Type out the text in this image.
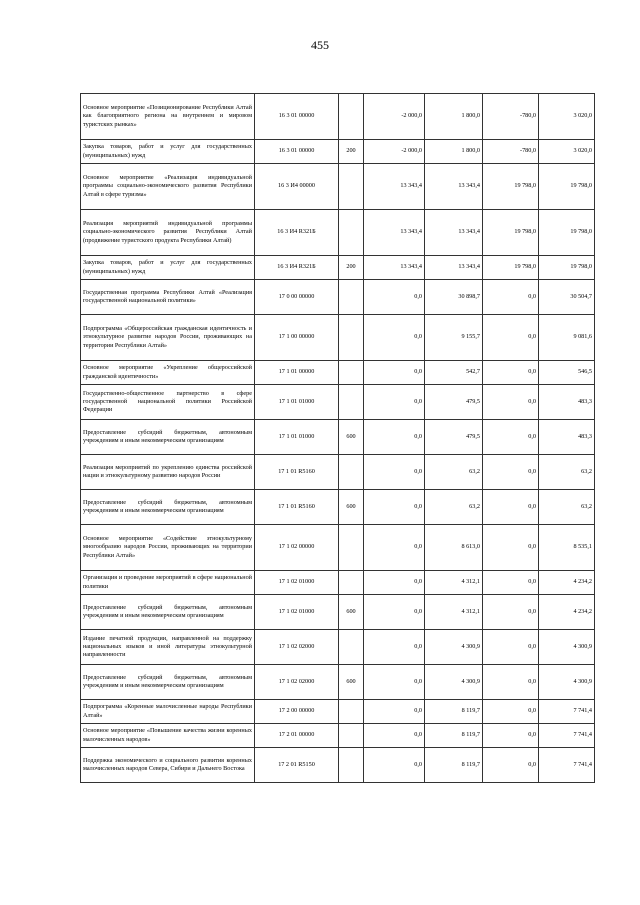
455
Основное мероприятие «Позиционирование Республики Алтай как благоприятного региона на внутреннем и мировом туристских рынках»	16 3 01 00000		-2 000,0	1 800,0	-780,0	3 020,0
Закупка товаров, работ и услуг для государственных (муниципальных) нужд	16 3 01 00000	200	-2 000,0	1 800,0	-780,0	3 020,0
Основное мероприятие «Реализация индивидуальной программы социально-экономического развития Республики Алтай в сфере туризма»	16 3 И4 00000		13 343,4	13 343,4	19 798,0	19 798,0
Реализация мероприятий индивидуальной программы социально-экономического развития Республики Алтай (продвижение туристского продукта Республики Алтай)	16 3 И4 R321Б		13 343,4	13 343,4	19 798,0	19 798,0
Закупка товаров, работ и услуг для государственных (муниципальных) нужд	16 3 И4 R321Б	200	13 343,4	13 343,4	19 798,0	19 798,0
Государственная программа Республики Алтай «Реализация государственной национальной политики»	17 0 00 00000		0,0	30 898,7	0,0	30 504,7
Подпрограмма «Общероссийская гражданская идентичность и этнокультурное развитие народов России, проживающих на территории Республики Алтай»	17 1 00 00000		0,0	9 155,7	0,0	9 081,6
Основное мероприятие «Укрепление общероссийской гражданской идентичности»	17 1 01 00000		0,0	542,7	0,0	546,5
Государственно-общественное партнерство в сфере государственной национальной политики Российской Федерации	17 1 01 01000		0,0	479,5	0,0	483,3
Предоставление субсидий бюджетным, автономным учреждениям и иным некоммерческим организациям	17 1 01 01000	600	0,0	479,5	0,0	483,3
Реализация мероприятий по укреплению единства российской нации и этнокультурному развитию народов России	17 1 01 R5160		0,0	63,2	0,0	63,2
Предоставление субсидий бюджетным, автономным учреждениям и иным некоммерческим организациям	17 1 01 R5160	600	0,0	63,2	0,0	63,2
Основное мероприятие «Содействие этнокультурному многообразию народов России, проживающих на территории Республики Алтай»	17 1 02 00000		0,0	8 613,0	0,0	8 535,1
Организация и проведение мероприятий в сфере национальной политики	17 1 02 01000		0,0	4 312,1	0,0	4 234,2
Предоставление субсидий бюджетным, автономным учреждениям и иным некоммерческим организациям	17 1 02 01000	600	0,0	4 312,1	0,0	4 234,2
Издание печатной продукции, направленной на поддержку национальных языков и иной литературы этнокультурной направленности	17 1 02 02000		0,0	4 300,9	0,0	4 300,9
Предоставление субсидий бюджетным, автономным учреждениям и иным некоммерческим организациям	17 1 02 02000	600	0,0	4 300,9	0,0	4 300,9
Подпрограмма «Коренные малочисленные народы Республики Алтай»	17 2 00 00000		0,0	8 119,7	0,0	7 741,4
Основное мероприятие «Повышение качества жизни коренных малочисленных народов»	17 2 01 00000		0,0	8 119,7	0,0	7 741,4
Поддержка экономического и социального развития коренных малочисленных народов Севера, Сибири и Дальнего Востока	17 2 01 R5150		0,0	8 119,7	0,0	7 741,4
